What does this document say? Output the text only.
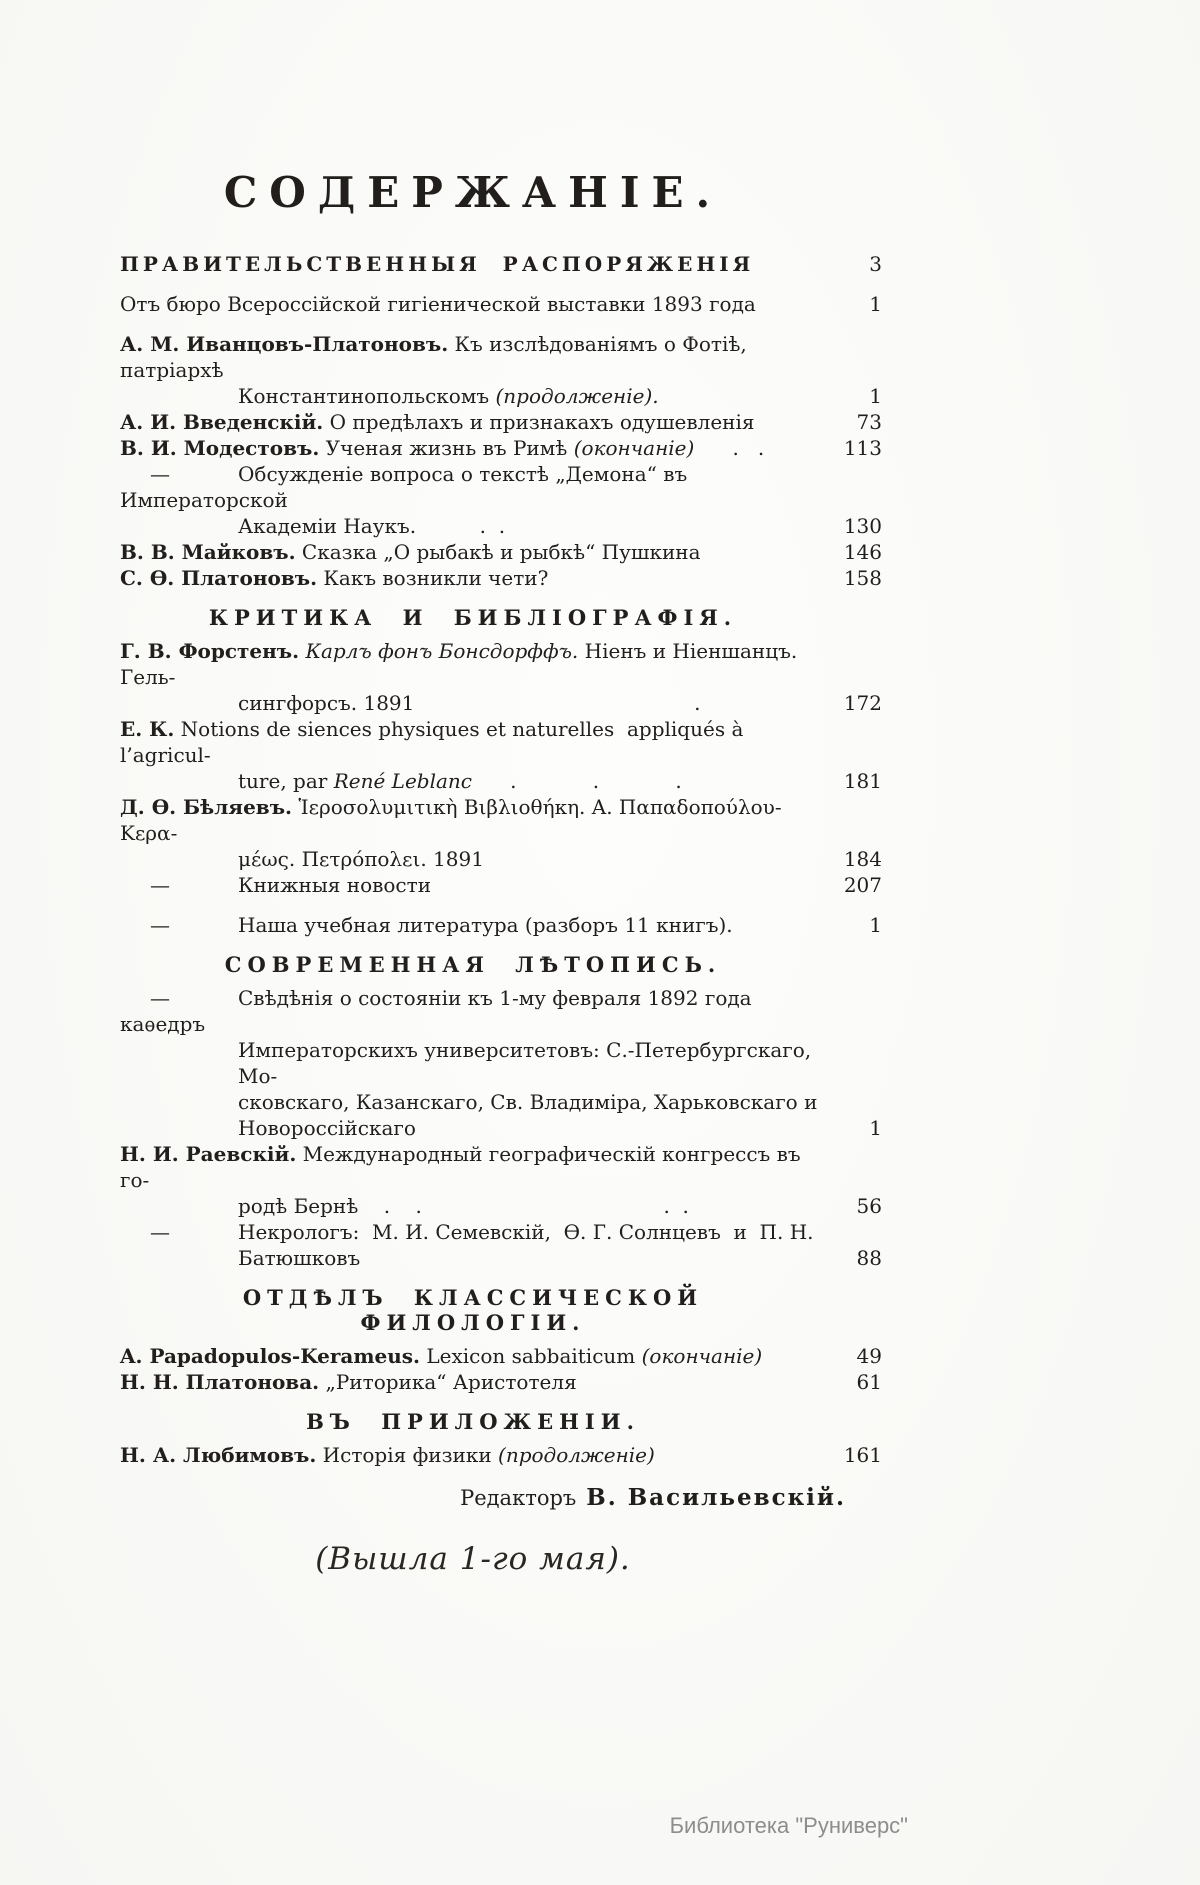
СОДЕРЖАНІЕ.
ПРАВИТЕЛЬСТВЕННЫЯ  РАСПОРЯЖЕНІЯ	3
Отъ бюро Всероссійской гигіенической выставки 1893 года	1
А. М. Иванцовъ-Платоновъ. Къ изслѣдованіямъ о Фотіѣ, патріархѣ
Константинопольскомъ (продолженіе).	1
А. И. Введенскій. О предѣлахъ и признакахъ одушевленія	73
В. И. Модестовъ. Ученая жизнь въ Римѣ (окончаніе)      .   .	113
—	Обсужденіе вопроса о текстѣ „Демона“ въ Императорской
Академіи Наукъ.          .  .	130
В. В. Майковъ. Сказка „О рыбакѣ и рыбкѣ“ Пушкина	146
С. Ѳ. Платоновъ. Какъ возникли чети?	158
КРИТИКА И БИБЛІОГРАФІЯ.
Г. В. Форстенъ. Карлъ фонъ Бонсдорффъ. Ніенъ и Ніеншанцъ. Гель-
сингфорсъ. 1891                                            .	172
Е. К. Notions de siences physiques et naturelles  appliqués à l’agricul-
ture, par René Leblanc      .            .            .	181
Д. Ѳ. Бѣляевъ. Ἱεροσολυμιτικὴ Βιβλιοθήκη. Α. Παπαδοπούλου-Κερα-
μέως. Πετρόπολει. 1891	184
—	Книжныя новости	207
—	Наша учебная литература (разборъ 11 книгъ).	1
СОВРЕМЕННАЯ ЛѢТОПИСЬ.
—	Свѣдѣнія о состояніи къ 1-му февраля 1892 года каѳедръ
Императорскихъ университетовъ: С.-Петербургскаго, Мо-
сковскаго, Казанскаго, Св. Владиміра, Харьковскаго и
Новороссійскаго	1
Н. И. Раевскій. Международный географическій конгрессъ въ го-
родѣ Бернѣ    .    .                                      .  .	56
—	Некрологъ:  М. И. Семевскій,  Ѳ. Г. Солнцевъ  и  П. Н.
Батюшковъ	88
ОТДѢЛЪ КЛАССИЧЕСКОЙ ФИЛОЛОГІИ.
A. Papadopulos-Kerameus. Lexicon sabbaiticum (окончаніе)	49
Н. Н. Платонова. „Риторика“ Аристотеля	61
ВЪ ПРИЛОЖЕНІИ.
Н. А. Любимовъ. Исторія физики (продолженіе)	161
Редакторъ В. Васильевскій.
(Вышла 1-го мая).
Библиотека "Руниверс"
